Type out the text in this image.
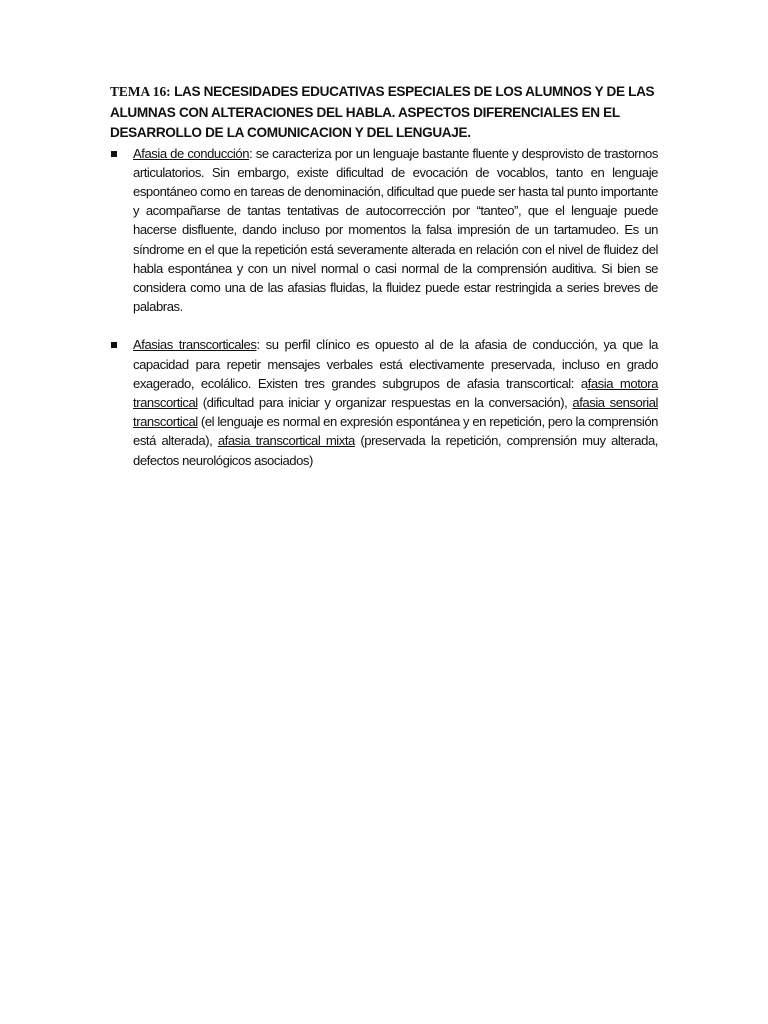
TEMA 16: LAS NECESIDADES EDUCATIVAS ESPECIALES DE LOS ALUMNOS Y DE LAS ALUMNAS CON ALTERACIONES DEL HABLA. ASPECTOS DIFERENCIALES EN EL DESARROLLO DE LA COMUNICACION Y DEL LENGUAJE.

Afasia de conducción: se caracteriza por un lenguaje bastante fluente y desprovisto de trastornos articulatorios. Sin embargo, existe dificultad de evocación de vocablos, tanto en lenguaje espontáneo como en tareas de denominación, dificultad que puede ser hasta tal punto importante y acompañarse de tantas tentativas de autocorrección por “tanteo”, que el lenguaje puede hacerse disfluente, dando incluso por momentos la falsa impresión de un tartamudeo. Es un síndrome en el que la repetición está severamente alterada en relación con el nivel de fluidez del habla espontánea y con un nivel normal o casi normal de la comprensión auditiva. Si bien se considera como una de las afasias fluidas, la fluidez puede estar restringida a series breves de palabras.
Afasias transcorticales: su perfil clínico es opuesto al de la afasia de conducción, ya que la capacidad para repetir mensajes verbales está electivamente preservada, incluso en grado exagerado, ecolálico. Existen tres grandes subgrupos de afasia transcortical: afasia motora transcortical (dificultad para iniciar y organizar respuestas en la conversación), afasia sensorial transcortical (el lenguaje es normal en expresión espontánea y en repetición, pero la comprensión está alterada), afasia transcortical mixta (preservada la repetición, comprensión muy alterada, defectos neurológicos asociados)
